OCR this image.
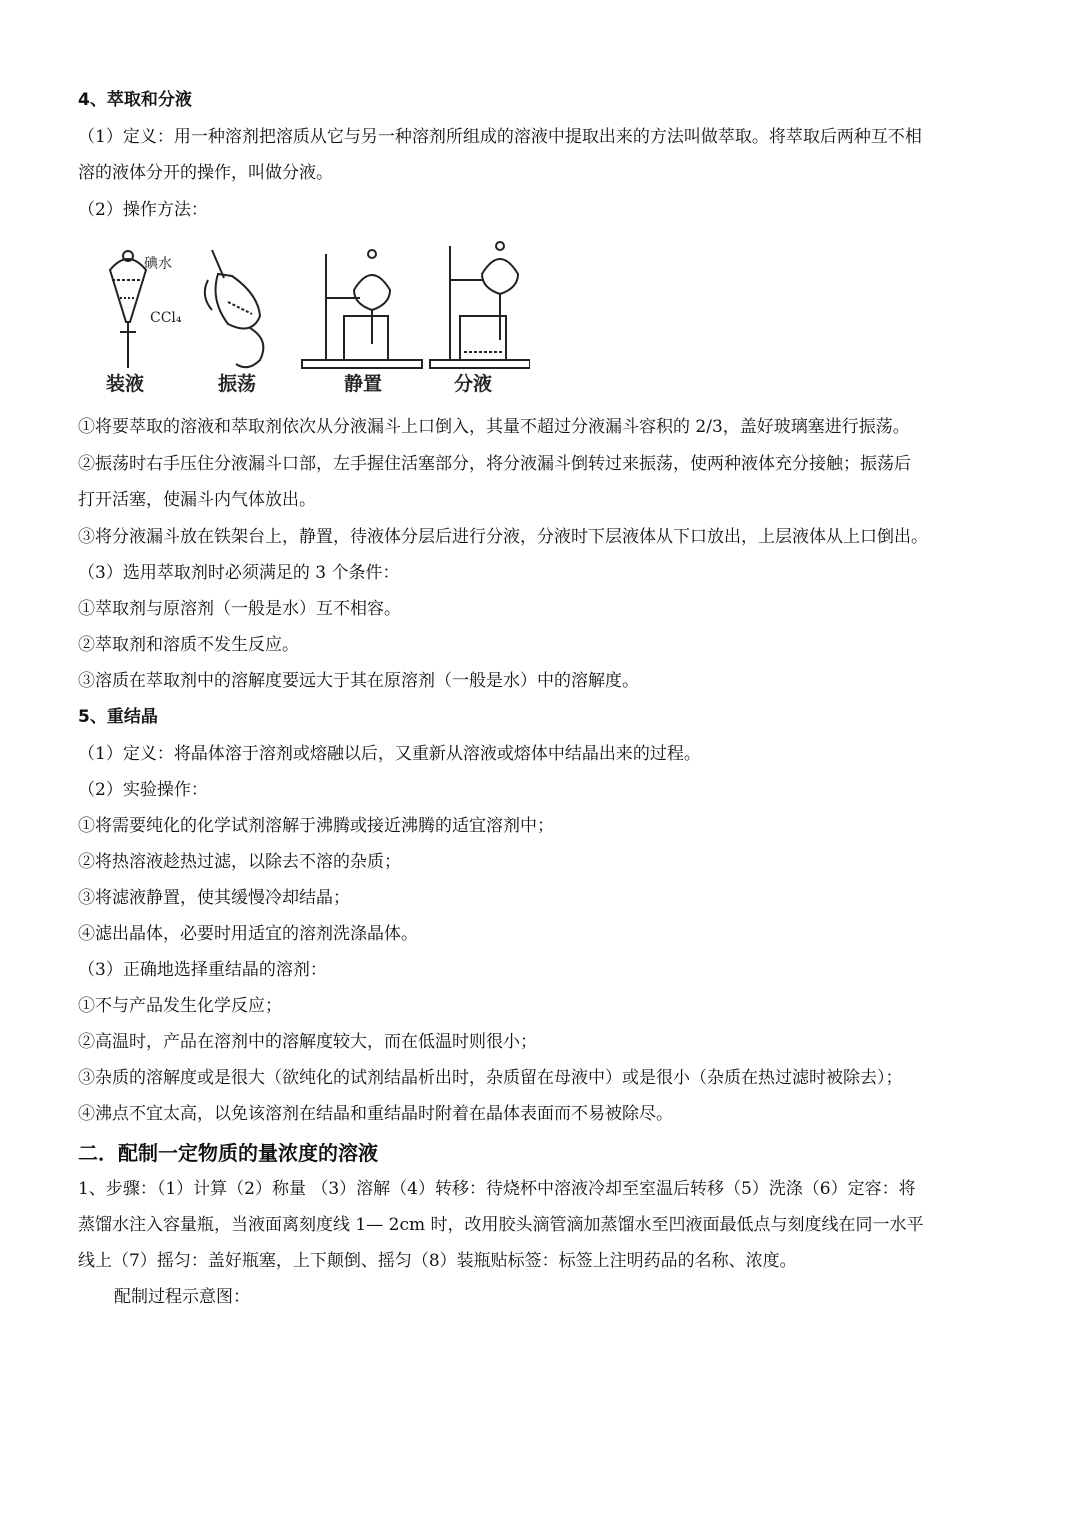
4、萃取和分液
（1）定义：用一种溶剂把溶质从它与另一种溶剂所组成的溶液中提取出来的方法叫做萃取。将萃取后两种互不相
溶的液体分开的操作，叫做分液。
（2）操作方法：
碘水
CCl₄
装液	振荡	静置	分液
①将要萃取的溶液和萃取剂依次从分液漏斗上口倒入，其量不超过分液漏斗容积的 2/3，盖好玻璃塞进行振荡。
②振荡时右手压住分液漏斗口部，左手握住活塞部分，将分液漏斗倒转过来振荡，使两种液体充分接触；振荡后
打开活塞，使漏斗内气体放出。
③将分液漏斗放在铁架台上，静置，待液体分层后进行分液，分液时下层液体从下口放出，上层液体从上口倒出。
（3）选用萃取剂时必须满足的 3 个条件：
①萃取剂与原溶剂（一般是水）互不相容。
②萃取剂和溶质不发生反应。
③溶质在萃取剂中的溶解度要远大于其在原溶剂（一般是水）中的溶解度。
5、重结晶
（1）定义：将晶体溶于溶剂或熔融以后，又重新从溶液或熔体中结晶出来的过程。
（2）实验操作：
①将需要纯化的化学试剂溶解于沸腾或接近沸腾的适宜溶剂中；
②将热溶液趁热过滤，以除去不溶的杂质；
③将滤液静置，使其缓慢冷却结晶；
④滤出晶体，必要时用适宜的溶剂洗涤晶体。
（3）正确地选择重结晶的溶剂：
①不与产品发生化学反应；
②高温时，产品在溶剂中的溶解度较大，而在低温时则很小；
③杂质的溶解度或是很大（欲纯化的试剂结晶析出时，杂质留在母液中）或是很小（杂质在热过滤时被除去）；
④沸点不宜太高，以免该溶剂在结晶和重结晶时附着在晶体表面而不易被除尽。
二．配制一定物质的量浓度的溶液
1、步骤：（1）计算（2）称量 （3）溶解（4）转移：待烧杯中溶液冷却至室温后转移（5）洗涤（6）定容：将
蒸馏水注入容量瓶，当液面离刻度线 1— 2cm 时，改用胶头滴管滴加蒸馏水至凹液面最低点与刻度线在同一水平
线上（7）摇匀：盖好瓶塞，上下颠倒、摇匀（8）装瓶贴标签：标签上注明药品的名称、浓度。
配制过程示意图：
